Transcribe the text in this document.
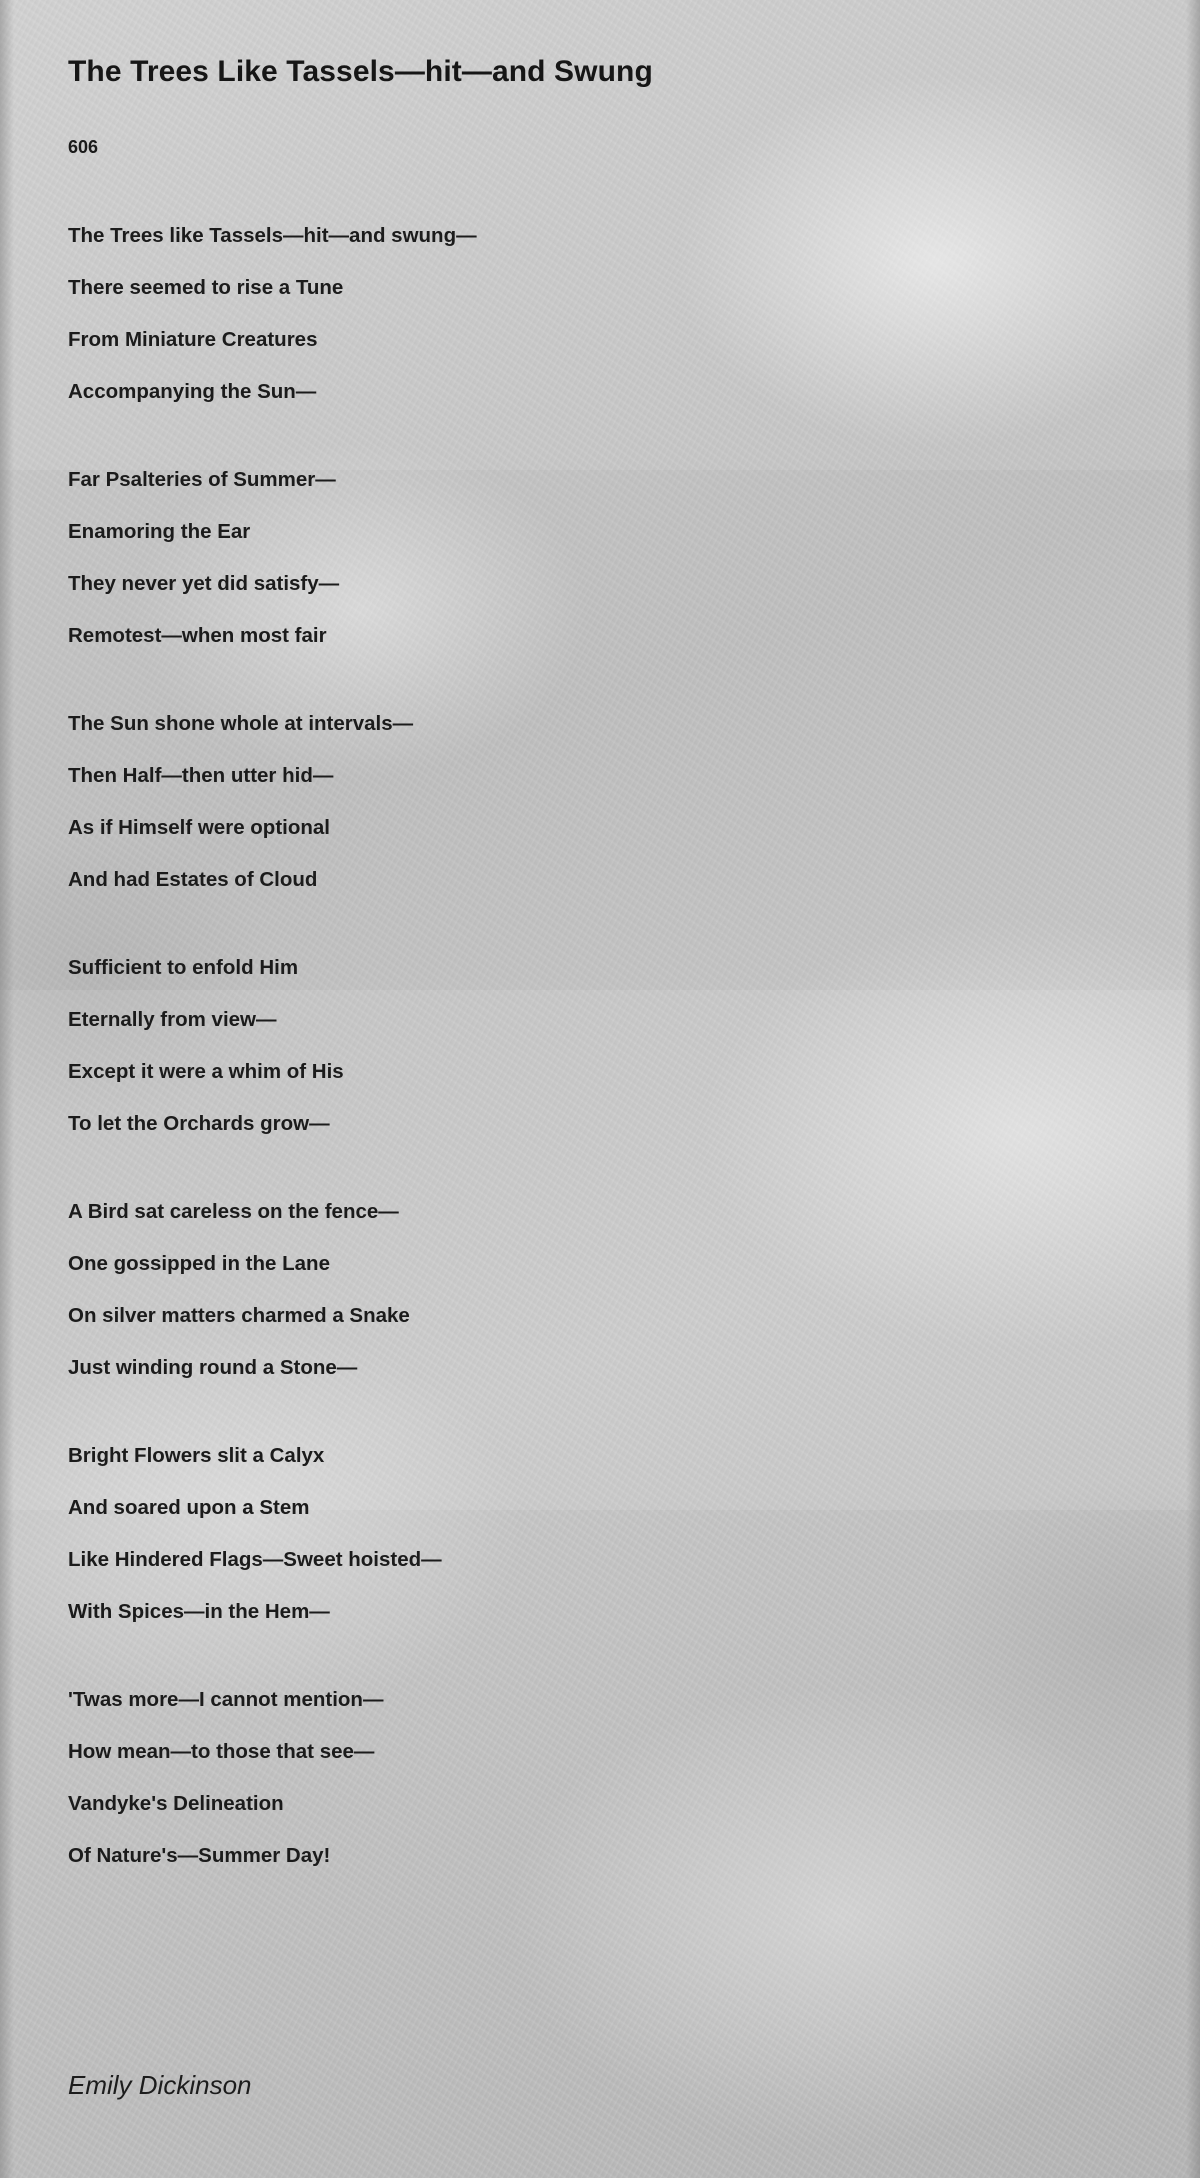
The Trees Like Tassels—hit—and Swung
606
The Trees like Tassels—hit—and swung—
There seemed to rise a Tune
From Miniature Creatures
Accompanying the Sun—
Far Psalteries of Summer—
Enamoring the Ear
They never yet did satisfy—
Remotest—when most fair
The Sun shone whole at intervals—
Then Half—then utter hid—
As if Himself were optional
And had Estates of Cloud
Sufficient to enfold Him
Eternally from view—
Except it were a whim of His
To let the Orchards grow—
A Bird sat careless on the fence—
One gossipped in the Lane
On silver matters charmed a Snake
Just winding round a Stone—
Bright Flowers slit a Calyx
And soared upon a Stem
Like Hindered Flags—Sweet hoisted—
With Spices—in the Hem—
'Twas more—I cannot mention—
How mean—to those that see—
Vandyke's Delineation
Of Nature's—Summer Day!
Emily Dickinson
